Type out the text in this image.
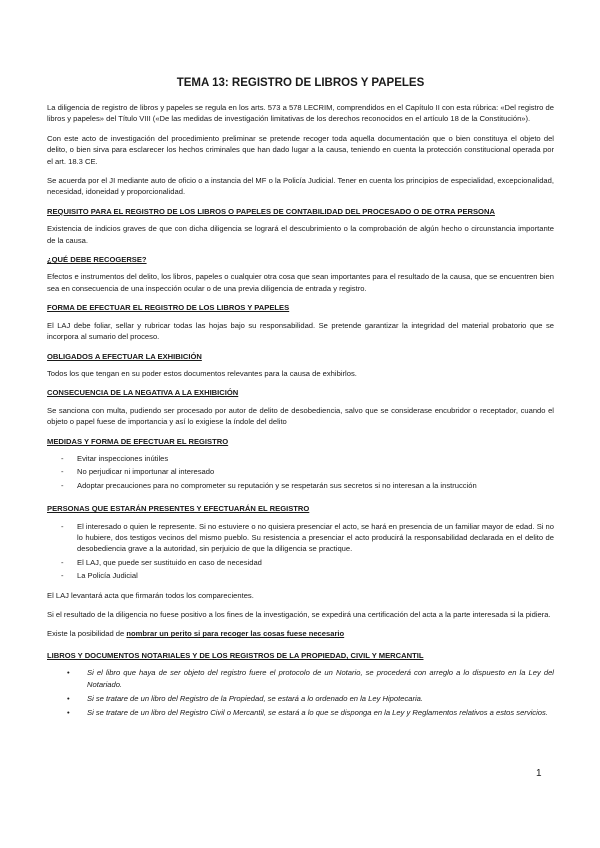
TEMA 13: REGISTRO DE LIBROS Y PAPELES

La diligencia de registro de libros y papeles se regula en los arts. 573 a 578 LECRIM, comprendidos en el Capítulo II con esta rúbrica: «Del registro de libros y papeles» del Título VIII («De las medidas de investigación limitativas de los derechos reconocidos en el artículo 18 de la Constitución»).

Con este acto de investigación del procedimiento preliminar se pretende recoger toda aquella documentación que o bien constituya el objeto del delito, o bien sirva para esclarecer los hechos criminales que han dado lugar a la causa, teniendo en cuenta la protección constitucional operada por el art. 18.3 CE.

Se acuerda por el JI mediante auto de oficio o a instancia del MF o la Policía Judicial. Tener en cuenta los principios de especialidad, excepcionalidad, necesidad, idoneidad y proporcionalidad.

REQUISITO PARA EL REGISTRO DE LOS LIBROS O PAPELES DE CONTABILIDAD DEL PROCESADO O DE OTRA PERSONA

Existencia de indicios graves de que con dicha diligencia se logrará el descubrimiento o la comprobación de algún hecho o circunstancia importante de la causa.

¿QUÉ DEBE RECOGERSE?

Efectos e instrumentos del delito, los libros, papeles o cualquier otra cosa que sean importantes para el resultado de la causa, que se encuentren bien sea en consecuencia de una inspección ocular o de una previa diligencia de entrada y registro.

FORMA DE EFECTUAR EL REGISTRO DE LOS LIBROS Y PAPELES

El LAJ debe foliar, sellar y rubricar todas las hojas bajo su responsabilidad. Se pretende garantizar la integridad del material probatorio que se incorpora al sumario del proceso.

OBLIGADOS A EFECTUAR LA EXHIBICIÓN

Todos los que tengan en su poder estos documentos relevantes para la causa de exhibirlos.

CONSECUENCIA DE LA NEGATIVA A LA EXHIBICIÓN

Se sanciona con multa, pudiendo ser procesado por autor de delito de desobediencia, salvo que se considerase encubridor o receptador, cuando el objeto o papel fuese de importancia y así lo exigiese la índole del delito

MEDIDAS Y FORMA DE EFECTUAR EL REGISTRO
- Evitar inspecciones inútiles
- No perjudicar ni importunar al interesado
- Adoptar precauciones para no comprometer su reputación y se respetarán sus secretos si no interesan a la instrucción
PERSONAS QUE ESTARÁN PRESENTES Y EFECTUARÁN EL REGISTRO
- El interesado o quien le represente. Si no estuviere o no quisiera presenciar el acto, se hará en presencia de un familiar mayor de edad. Si no lo hubiere, dos testigos vecinos del mismo pueblo. Su resistencia a presenciar el acto producirá la responsabilidad declarada en el delito de desobediencia grave a la autoridad, sin perjuicio de que la diligencia se practique.
- El LAJ, que puede ser sustituido en caso de necesidad
- La Policía Judicial

El LAJ levantará acta que firmarán todos los comparecientes.

Si el resultado de la diligencia no fuese positivo a los fines de la investigación, se expedirá una certificación del acta a la parte interesada si la pidiera.

Existe la posibilidad de nombrar un perito si para recoger las cosas fuese necesario

LIBROS Y DOCUMENTOS NOTARIALES Y DE LOS REGISTROS DE LA PROPIEDAD, CIVIL Y MERCANTIL
• Si el libro que haya de ser objeto del registro fuere el protocolo de un Notario, se procederá con arreglo a lo dispuesto en la Ley del Notariado.
• Si se tratare de un libro del Registro de la Propiedad, se estará a lo ordenado en la Ley Hipotecaria.
• Si se tratare de un libro del Registro Civil o Mercantil, se estará a lo que se disponga en la Ley y Reglamentos relativos a estos servicios.
1
